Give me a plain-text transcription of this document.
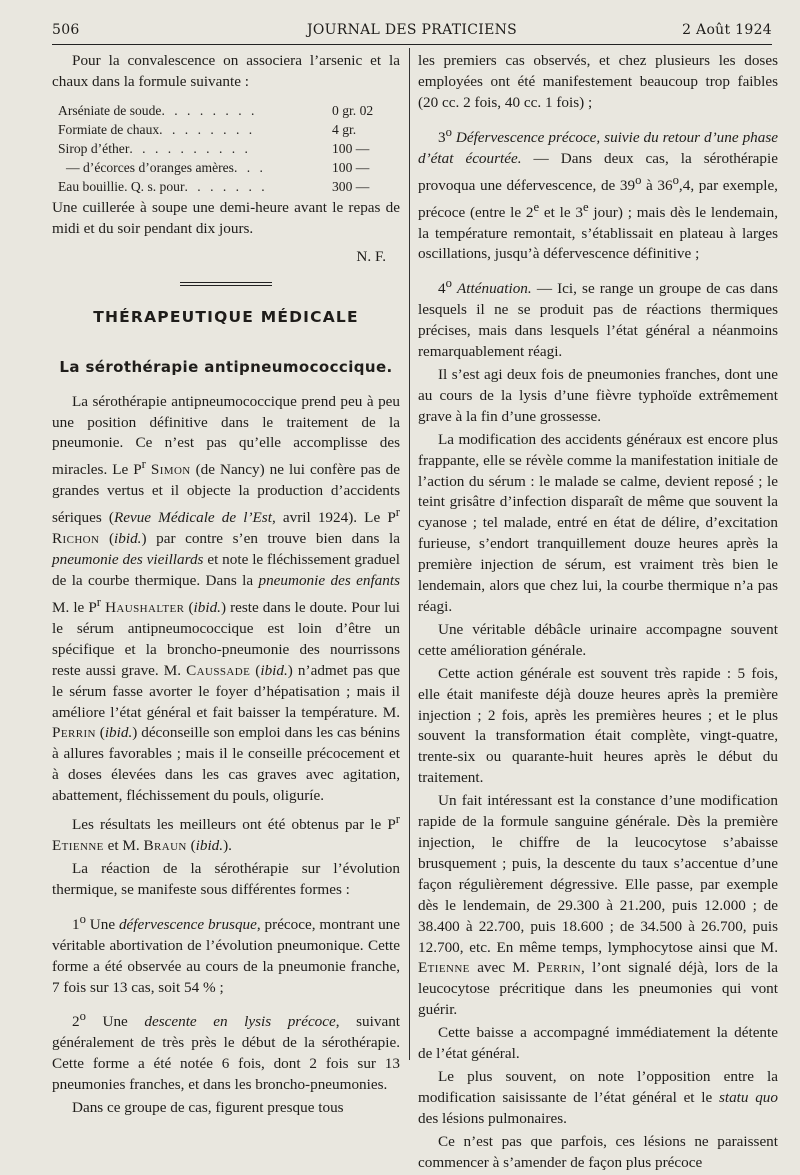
506	JOURNAL DES PRATICIENS	2 Août 1924

Pour la convalescence on associera l’arsenic et la chaux dans la formule suivante :

Arséniate de soude . . . . . . . .	0 gr. 02
Formiate de chaux . . . . . . . .	4 gr.
Sirop d’éther . . . . . . . . . .	100 —
— d’écorces d’oranges amères . . .	100 —
Eau bouillie. Q. s. pour . . . . . . .	300 —

Une cuillerée à soupe une demi-heure avant le repas de midi et du soir pendant dix jours.

N. F.
THÉRAPEUTIQUE MÉDICALE
La sérothérapie antipneumococcique.

La sérothérapie antipneumococcique prend peu à peu une position définitive dans le traitement de la pneumonie. Ce n’est pas qu’elle accomplisse des miracles. Le $P^r$ Simon (de Nancy) ne lui confère pas de grandes vertus et il objecte la production d’accidents sériques (Revue Médicale de l’Est, avril 1924). Le $P^r$ Richon (ibid.) par contre s’en trouve bien dans la pneumonie des vieillards et note le fléchissement graduel de la courbe thermique. Dans la pneumonie des enfants M. le $P^r$ Haushalter (ibid.) reste dans le doute. Pour lui le sérum antipneumococcique est loin d’être un spécifique et la broncho-pneumonie des nourrissons reste aussi grave. M. Caussade (ibid.) n’admet pas que le sérum fasse avorter le foyer d’hépatisation ; mais il améliore l’état général et fait baisser la température. M. Perrin (ibid.) déconseille son emploi dans les cas bénins à allures favorables ; mais il le conseille précocement et à doses élevées dans les cas graves avec agitation, abattement, fléchissement du pouls, oliguríe.

Les résultats les meilleurs ont été obtenus par le $P^r$ Etienne et M. Braun (ibid.).

La réaction de la sérothérapie sur l’évolution thermique, se manifeste sous différentes formes :

1$^o$ Une défervescence brusque, précoce, montrant une véritable abortivation de l’évolution pneumonique. Cette forme a été observée au cours de la pneumonie franche, 7 fois sur 13 cas, soit 54 % ;

2$^o$ Une descente en lysis précoce, suivant généralement de très près le début de la sérothérapie. Cette forme a été notée 6 fois, dont 2 fois sur 13 pneumonies franches, et dans les broncho-pneumonies.

Dans ce groupe de cas, figurent presque tous

les premiers cas observés, et chez plusieurs les doses employées ont été manifestement beaucoup trop faibles (20 cc. 2 fois, 40 cc. 1 fois) ;

3$^o$ Défervescence précoce, suivie du retour d’une phase d’état écourtée. — Dans deux cas, la sérothérapie provoqua une défervescence, de 39$^o$ à 36$^o$,4, par exemple, précoce (entre le 2e et le 3e jour) ; mais dès le lendemain, la température remontait, s’établissait en plateau à larges oscillations, jusqu’à défervescence définitive ;

4$^o$ Atténuation. — Ici, se range un groupe de cas dans lesquels il ne se produit pas de réactions thermiques précises, mais dans lesquels l’état général a néanmoins remarquablement réagi.

Il s’est agi deux fois de pneumonies franches, dont une au cours de la lysis d’une fièvre typhoïde extrêmement grave à la fin d’une grossesse.

La modification des accidents généraux est encore plus frappante, elle se révèle comme la manifestation initiale de l’action du sérum : le malade se calme, devient reposé ; le teint grisâtre d’infection disparaît de même que souvent la cyanose ; tel malade, entré en état de délire, d’excitation furieuse, s’endort tranquillement douze heures après la première injection de sérum, est vraiment très bien le lendemain, alors que chez lui, la courbe thermique n’a pas réagi.

Une véritable débâcle urinaire accompagne souvent cette amélioration générale.

Cette action générale est souvent très rapide : 5 fois, elle était manifeste déjà douze heures après la première injection ; 2 fois, après les premières heures ; et le plus souvent la transformation était complète, vingt-quatre, trente-six ou quarante-huit heures après le début du traitement.

Un fait intéressant est la constance d’une modification rapide de la formule sanguine générale. Dès la première injection, le chiffre de la leucocytose s’abaisse brusquement ; puis, la descente du taux s’accentue d’une façon régulièrement dégressive. Elle passe, par exemple dès le lendemain, de 29.300 à 21.200, puis 12.000 ; de 38.400 à 22.700, puis 18.600 ; de 34.500 à 26.700, puis 12.700, etc. En même temps, lymphocytose ainsi que M. Etienne avec M. Perrin, l’ont signalé déjà, lors de la leucocytose précritique dans les pneumonies qui vont guérir.

Cette baisse a accompagné immédiatement la détente de l’état général.

Le plus souvent, on note l’opposition entre la modification saisissante de l’état général et le statu quo des lésions pulmonaires.

Ce n’est pas que parfois, ces lésions ne paraissent commencer à s’amender de façon plus précoce
